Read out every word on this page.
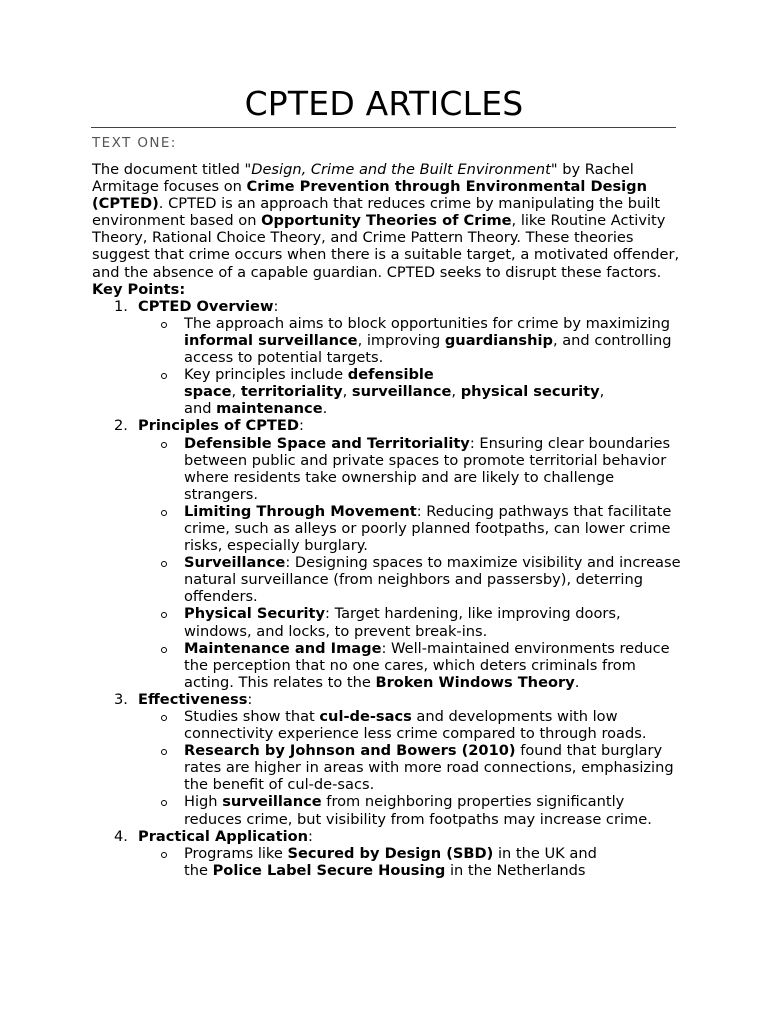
CPTED ARTICLES
TEXT ONE:

The document titled "Design, Crime and the Built Environment" by Rachel Armitage focuses on Crime Prevention through Environmental Design (CPTED). CPTED is an approach that reduces crime by manipulating the built environment based on Opportunity Theories of Crime, like Routine Activity Theory, Rational Choice Theory, and Crime Pattern Theory. These theories suggest that crime occurs when there is a suitable target, a motivated offender, and the absence of a capable guardian. CPTED seeks to disrupt these factors.

Key Points:

1. CPTED Overview:
The approach aims to block opportunities for crime by maximizing informal surveillance, improving guardianship, and controlling access to potential targets.
Key principles include defensible
space, territoriality, surveillance, physical security,
and maintenance.
2. Principles of CPTED:
Defensible Space and Territoriality: Ensuring clear boundaries between public and private spaces to promote territorial behavior where residents take ownership and are likely to challenge strangers.
Limiting Through Movement: Reducing pathways that facilitate crime, such as alleys or poorly planned footpaths, can lower crime risks, especially burglary.
Surveillance: Designing spaces to maximize visibility and increase natural surveillance (from neighbors and passersby), deterring offenders.
Physical Security: Target hardening, like improving doors, windows, and locks, to prevent break-ins.
Maintenance and Image: Well-maintained environments reduce the perception that no one cares, which deters criminals from acting. This relates to the Broken Windows Theory.
3. Effectiveness:
Studies show that cul-de-sacs and developments with low connectivity experience less crime compared to through roads.
Research by Johnson and Bowers (2010) found that burglary rates are higher in areas with more road connections, emphasizing the benefit of cul-de-sacs.
High surveillance from neighboring properties significantly reduces crime, but visibility from footpaths may increase crime.
4. Practical Application:
Programs like Secured by Design (SBD) in the UK and
the Police Label Secure Housing in the Netherlands
